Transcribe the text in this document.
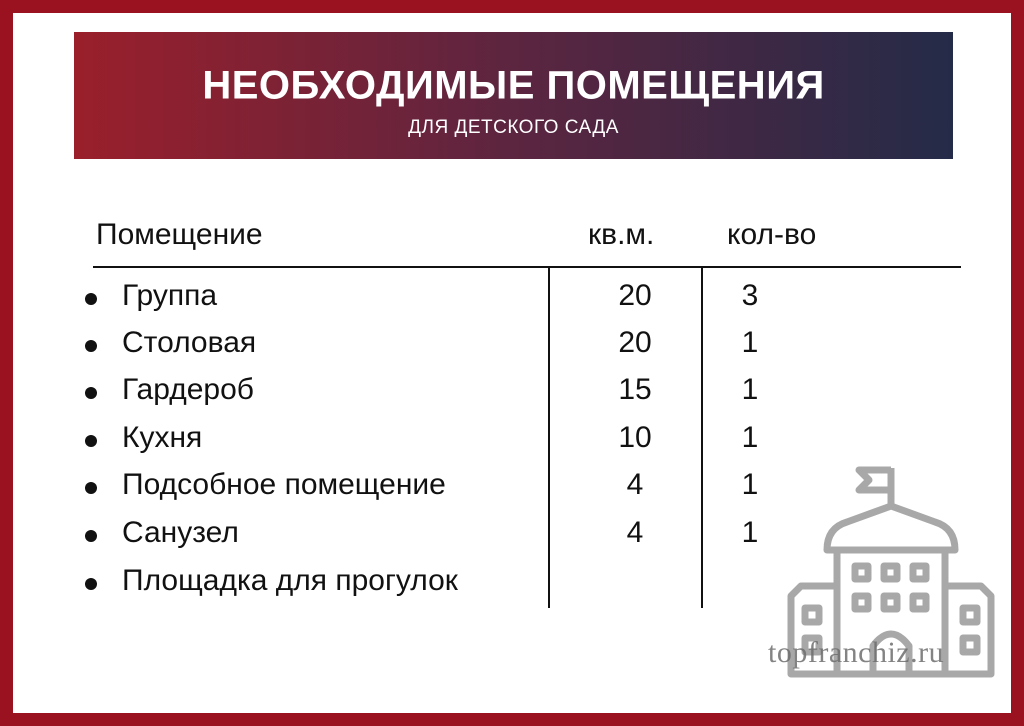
НЕОБХОДИМЫЕ ПОМЕЩЕНИЯ
ДЛЯ ДЕТСКОГО САДА
Помещение	кв.м. кол-во
Группа	20	3
Столовая	20	1
Гардероб	15	1
Кухня	10	1
Подсобное помещение	4	1
Санузел	4	1
Площадка для прогулок
topfranchiz.ru
